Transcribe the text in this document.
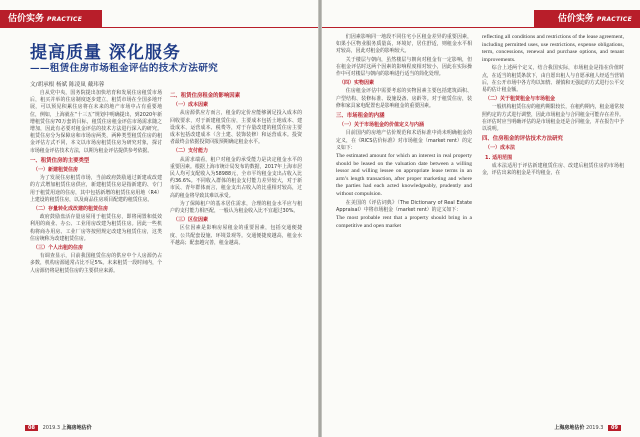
估价实务 PRACTICE
提高质量 深化服务
——租赁住房市场租金评估的技术方法研究
文/胡承根 杨斌 陈凌岚 戴玮蓉

自从党中央，国务院提出加快培育和发展住房租赁市场后，租买并举的住房制度逐步建立，租赁市场在全国多地开展，可以预见积累住房将在未来的地产市场中占有重要地位，例如，上海就在“十三五”规划中明确提出，到2020年新增租赁住房70万套的目标，租赁住房租金评估市场需求随之增加，因此有必要对租金评估的技术方法进行深入的研究。租赁住房分为保障房和市场房两类，两种类型租赁住房的租金评估方式不同，本文以市场房租赁住房为研究对象，探讨市场租金评估技术方法，以期为租金评估提供参考依据。

一、租赁住房的主要类型
（一）新建租赁住房

为了发展住房租赁市场，当前政府鼓励通过新建或改建的方式增加租赁住房供应，新建租赁住房是指新建的、专门用于租赁用途的住房，其中包括新增的租赁住房用地（R4）上建设的租赁住房，以及商品住房项目配建的租赁住房。

（二）存量转化成改建的租赁住房

政府鼓励盘活存量房屋用于租赁住房，即将闲置和低效利用的商业、办公、工业用房改建为租赁住房。因此一些机构将商办用房、工业厂房等按照规定改建为租赁住房，这类住房统称为改建租赁住房。

（三）个人出租的住房

有调查显示，目前我国租赁住房的供应中个人房源仍占多数，机构房源通常占比不足5%。未来租赁一段时间内，个人房源仍将是租赁住房的主要供应来源。

二、租赁住房租金的影响因素
（一）成本因素

从房源供应方而言，租金的定价应能够满足投入成本的回收要求，对于新建租赁住房，主要成本包括土地成本、建设成本、运营成本、税费等，对于存量改建的租赁住房主要成本包括改建成本（含土建、装饰装修）和运营成本。投资者最终会依据投资回报预期确定租金水平。

（二）支付能力

从需求端看，租户对租金的承受能力是决定租金水平的重要因素。根据上海市统计局发布的数据，2017年上海市居民人均可支配收入为58988元，全市平均租金支出占收入比约36.6%。不同收入群体的租金支付能力差异较大，对于新市民、青年群体而言，租金支出占收入的比重相对较高，过高的租金将导致其难以承受。

为了保障租户的基本居住需求，合理的租金水平应与租户的支付能力相匹配，一般认为租金收入比不宜超过30%。

（三）区位因素

区位因素是影响房屋租金的重要因素，包括交通便捷度、公共配套设施、环境景观等。交通便捷度越高，租金水平越高；配套越完善，租金越高。

08 2019.3 上海房地估价
估价实务 PRACTICE

们因素影响同一地段不同住宅小区租金差异的重要因素，如果小区物业服务质量高，环境好，居住舒适，则租金水平相对较高，因此对租金的影响较大。

关于楼层与朝向，虽然楼层与朝向对租金有一定影响，但在租金评估时这两个因素的影响程度相对较小，因此在实际操作中可对楼层与朝向的影响进行适当的简化处理。

（四）实物因素

住房租金评估中需要考虑的实物因素主要包括建筑面积、户型结构、装修标准、设施设备、房龄等。对于租赁住房，装修和家具家电配置也是影响租金的重要因素。

三、市场租金的内涵
（一）关于市场租金的价值定义与内涵

目前国内的房地产估价规范和术语标准中尚未明确租金的定义，在《RICS估价标准》对市场租金（market rent）的定义如下：

The estimated amount for which an interest in real property should be leased on the valuation date between a willing lessor and willing lessee on appropriate lease terms in an arm’s length transaction, after proper marketing and where the parties had each acted knowledgeably, prudently and without compulsion.

在美国的《评估词典》（The Dictionary of Real Estate Appraisal）中将市场租金（market rent）的定义如下：

The most probable rent that a property should bring in a competitive and open market

reflecting all conditions and restrictions of the lease agreement, including permitted uses, use restrictions, expense obligations, term, concessions, renewal and purchase options, and tenant improvements.

综合上述两个定义，结合我国实际，市场租金是指在价值时点，在适当的租赁条款下，由自愿出租人与自愿承租人经适当营销后，在公开市场中各方均以知情、谨慎和无强迫的方式进行公平交易的估计租金额。

（二）关于租赁租金与市场租金

一般机构租赁住房的租约期限较长，在租约期内，租金通常按照约定的方式进行调整，因此市场租金与合同租金可能存在差异。在评估时应当明确评估的是市场租金还是合同租金，并在报告中予以说明。

四、住房租金的评估技术方法研究
（一）成本法
1. 适用范围

成本法适用于评估新建租赁住房、改建后租赁住房的市场租金，评估出来的租金是平均租金，在

上海房地估价 2019.3 09
